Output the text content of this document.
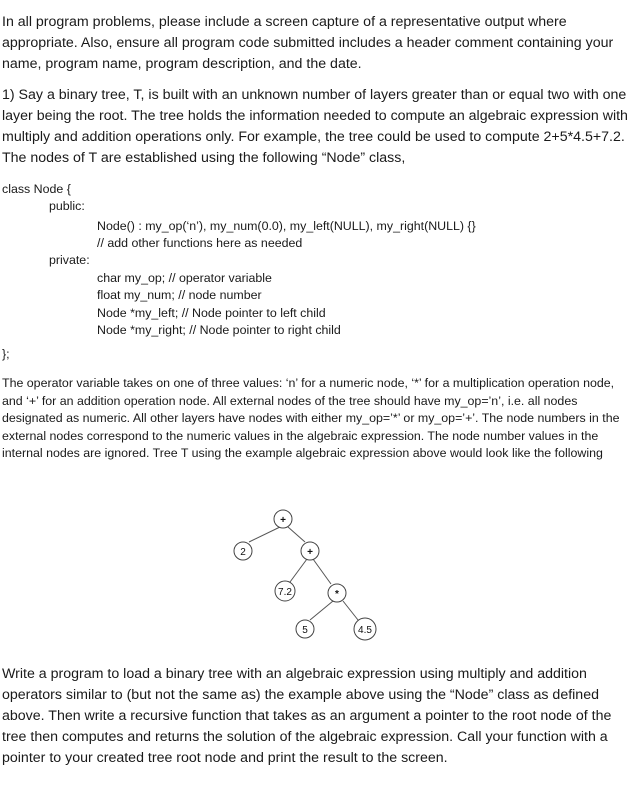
In all program problems, please include a screen capture of a representative output where appropriate. Also, ensure all program code submitted includes a header comment containing your name, program name, program description, and the date.

1) Say a binary tree, T, is built with an unknown number of layers greater than or equal two with one layer being the root. The tree holds the information needed to compute an algebraic expression with multiply and addition operations only. For example, the tree could be used to compute 2+5*4.5+7.2. The nodes of T are established using the following “Node” class,

class Node {
public:
Node() : my_op(‘n’), my_num(0.0), my_left(NULL), my_right(NULL) {}
// add other functions here as needed
private:
char my_op; // operator variable
float my_num; // node number
Node *my_left; // Node pointer to left child
Node *my_right; // Node pointer to right child
};

The operator variable takes on one of three values: ‘n’ for a numeric node, ‘*’ for a multiplication operation node, and ‘+’ for an addition operation node. All external nodes of the tree should have my_op=’n’, i.e. all nodes designated as numeric. All other layers have nodes with either my_op=’*’ or my_op=’+’. The node numbers in the external nodes correspond to the numeric values in the algebraic expression. The node number values in the internal nodes are ignored. Tree T using the example algebraic expression above would look like the following

+
2	+
7.2	*
5	4.5

Write a program to load a binary tree with an algebraic expression using multiply and addition operators similar to (but not the same as) the example above using the “Node” class as defined above. Then write a recursive function that takes as an argument a pointer to the root node of the tree then computes and returns the solution of the algebraic expression. Call your function with a pointer to your created tree root node and print the result to the screen.
